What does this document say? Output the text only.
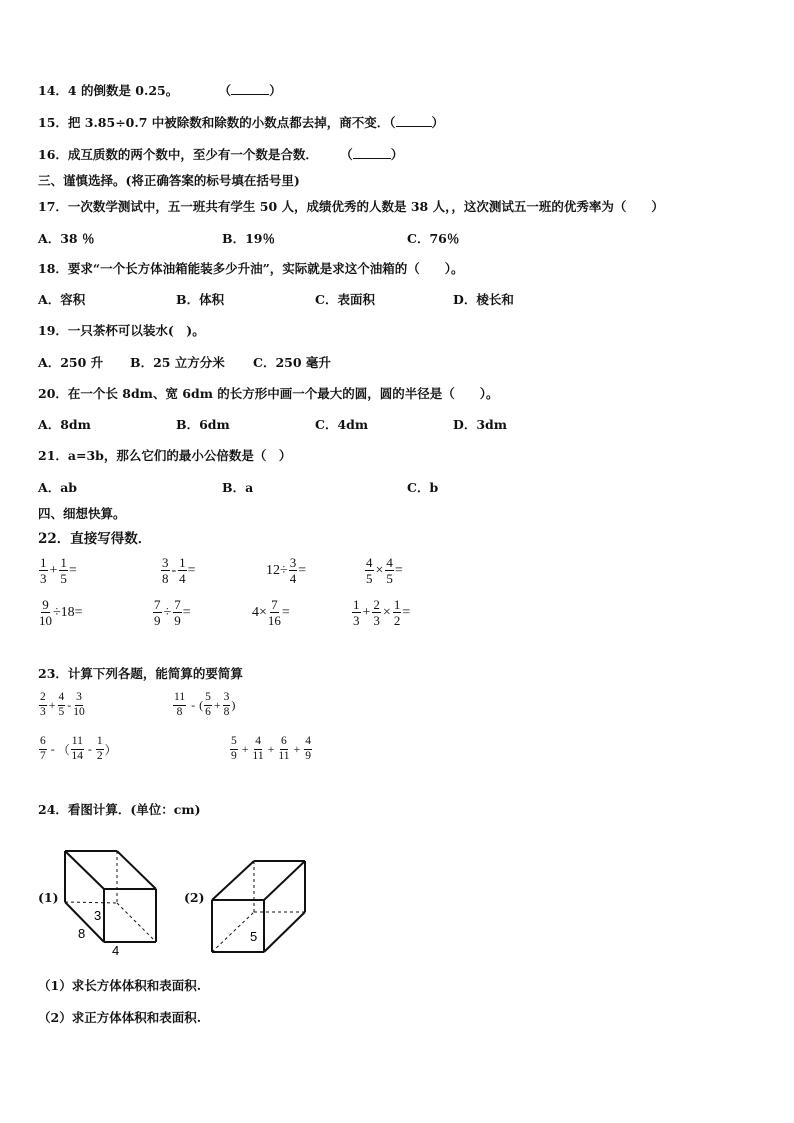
14．4 的倒数是 0.25。	（	）
15．把 3.85÷0.7 中被除数和除数的小数点都去掉，商不变．（	）
16．成互质数的两个数中，至少有一个数是合数． （	）
三、谨慎选择。(将正确答案的标号填在括号里)
17．一次数学测试中，五一班共有学生 50 人，成绩优秀的人数是 38 人，，这次测试五一班的优秀率为（　　）
A．38 ％	B．19％	C．76％
18．要求“一个长方体油箱能装多少升油”，实际就是求这个油箱的（　　）。
A．容积	B．体积	C．表面积	D．棱长和
19．一只茶杯可以装水(　)。
A．250 升 B．25 立方分米 C．250 毫升
20．在一个长 8dm、宽 6dm 的长方形中画一个最大的圆，圆的半径是（　　）。
A．8dm	B．6dm	C．4dm	D．3dm
21．a=3b，那么它们的最小公倍数是（　）
A．ab	B．a	C．b
四、细想快算。
22．直接写得数．
$\frac{1}{3} + \frac{1}{5}$ =	$\frac{3}{8} - \frac{1}{4}$ =	$12\div \frac{3}{4}$ =	$\frac{4}{5} \times \frac{4}{5}$ =
$\frac{9}{10} \div 18=$	$\frac{7}{9} \div \frac{7}{9}$ =	$4\times \frac{7}{16}$ =	$\frac{1}{3} + \frac{2}{3} \times \frac{1}{2}$ =
23．计算下列各题，能简算的要简算
$\frac{2}{3} + \frac{4}{5} - \frac{3}{10}$	$\frac{11}{8}$ - ( $\frac{5}{6} + \frac{3}{8}$ )
$\frac{6}{7}$ - （ $\frac{11}{14} - \frac{1}{2}$ ）	$\frac{5}{9} + \frac{4}{11} + \frac{6}{11} + \frac{4}{9}$
24．看图计算．(单位：cm)
(1)
3
8
4
(2)
5
（1）求长方体体积和表面积.
（2）求正方体体积和表面积.
